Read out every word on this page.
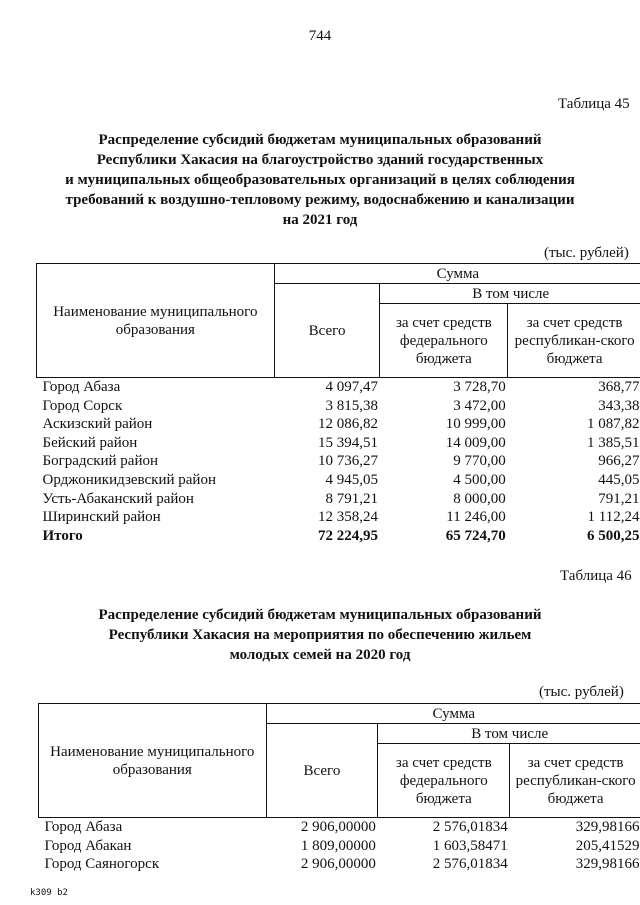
744
Таблица 45
Распределение субсидий бюджетам муниципальных образований
Республики Хакасия на благоустройство зданий государственных
и муниципальных общеобразовательных организаций в целях соблюдения
требований к воздушно-тепловому режиму, водоснабжению и канализации
на 2021 год
(тыс. рублей)
Наименование муниципального образования	Сумма		
	Всего	В том числе	
		за счет средств федерального бюджета	за счет средств республикан-ского бюджета
Город Абаза	4 097,47	3 728,70	368,77
Город Сорск	3 815,38	3 472,00	343,38
Аскизский район	12 086,82	10 999,00	1 087,82
Бейский район	15 394,51	14 009,00	1 385,51
Боградский район	10 736,27	9 770,00	966,27
Орджоникидзевский район	4 945,05	4 500,00	445,05
Усть-Абаканский район	8 791,21	8 000,00	791,21
Ширинский район	12 358,24	11 246,00	1 112,24
Итого	72 224,95	65 724,70	6 500,25
Таблица 46
Распределение субсидий бюджетам муниципальных образований
Республики Хакасия на мероприятия по обеспечению жильем
молодых семей на 2020 год
(тыс. рублей)
Наименование муниципального образования	Сумма		
	Всего	В том числе	
		за счет средств федерального бюджета	за счет средств республикан-ского бюджета
Город Абаза	2 906,00000	2 576,01834	329,98166
Город Абакан	1 809,00000	1 603,58471	205,41529
Город Саяногорск	2 906,00000	2 576,01834	329,98166
k309 b2
